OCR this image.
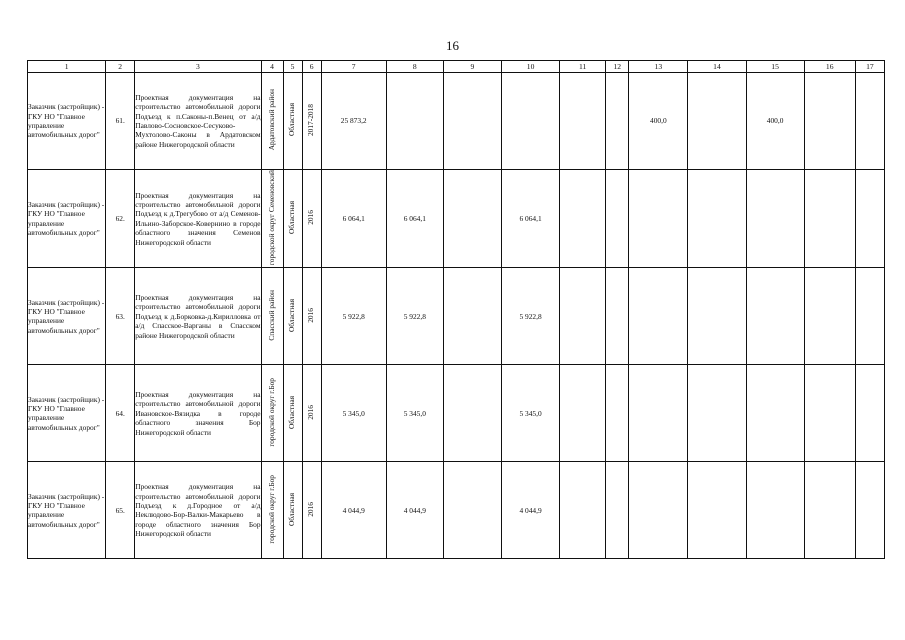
16
1	2	3	4	5	6	7	8	9	10	11	12	13	14	15	16	17
Заказчик (застройщик) - ГКУ НО "Главное управление автомобильных дорог"	61.	Проектная документация на строительство автомобильной дороги Подъезд к п.Саконы-п.Венец от а/д Павлово-Сосновское-Сесуково-Мухтолово-Саконы в Ардатовском районе Нижегородской области	Ардатовский район	Областная	2017-2018	25 873,2						400,0		400,0		
Заказчик (застройщик) - ГКУ НО "Главное управление автомобильных дорог"	62.	Проектная документация на строительство автомобильной дороги Подъезд к д.Трегубово от а/д Семенов-Ильино-Заборское-Ковернино в городе областного значения Семенов Нижегородской области	городской округ Семеновский	Областная	2016	6 064,1	6 064,1		6 064,1							
Заказчик (застройщик) - ГКУ НО "Главное управление автомобильных дорог"	63.	Проектная документация на строительство автомобильной дороги Подъезд к д.Борковка-д.Кирилловка от а/д Спасское-Варганы в Спасском районе Нижегородской области	Спасский район	Областная	2016	5 922,8	5 922,8		5 922,8							
Заказчик (застройщик) - ГКУ НО "Главное управление автомобильных дорог"	64.	Проектная документация на строительство автомобильной дороги Ивановское-Вязидка в городе областного значения Бор Нижегородской области	городской округ г.Бор	Областная	2016	5 345,0	5 345,0		5 345,0							
Заказчик (застройщик) - ГКУ НО "Главное управление автомобильных дорог"	65.	Проектная документация на строительство автомобильной дороги Подъезд к д.Городное от а/д Неклюдово-Бор-Валки-Макарьево в городе областного значения Бор Нижегородской области	городской округ г.Бор	Областная	2016	4 044,9	4 044,9		4 044,9							
